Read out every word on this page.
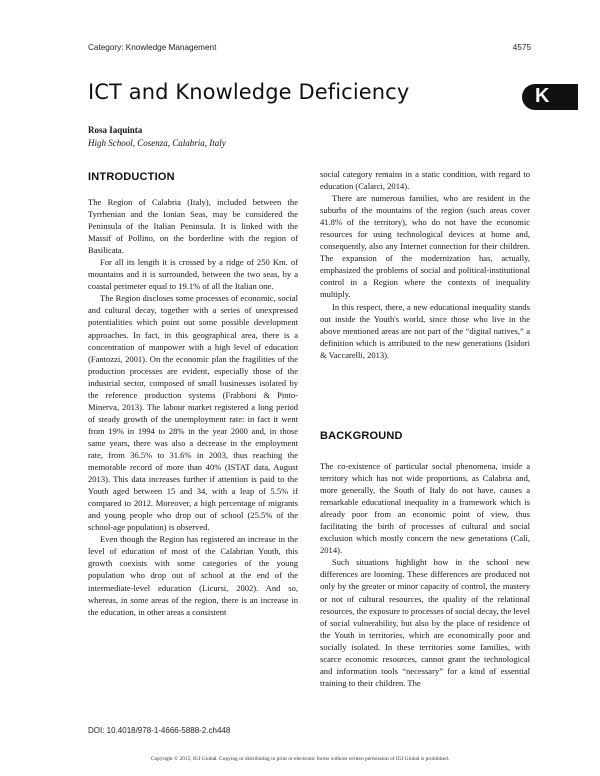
Category: Knowledge Management	4575
ICT and Knowledge Deficiency	K
Rosa Iaquinta
High School, Cosenza, Calabria, Italy
INTRODUCTION

The Region of Calabria (Italy), included between the Tyrrhenian and the Ionian Seas, may be considered the Peninsula of the Italian Peninsula. It is linked with the Massif of Pollino, on the borderline with the region of Basilicata.

For all its length it is crossed by a ridge of 250 Km. of mountains and it is surrounded, between the two seas, by a coastal perimeter equal to 19.1% of all the Italian one.

The Region discloses some processes of economic, social and cultural decay, together with a series of unexpressed potentialities which point out some possible development approaches. In fact, in this geographical area, there is a concentration of manpower with a high level of education (Fantozzi, 2001). On the economic plan the fragilities of the production processes are evident, especially those of the industrial sector, composed of small businesses isolated by the reference production systems (Frabboni & Pinto-Minerva, 2013). The labour market registered a long period of steady growth of the unemployment rate: in fact it went from 19% in 1994 to 28% in the year 2000 and, in those same years, there was also a decrease in the employment rate, from 36.5% to 31.6% in 2003, thus reaching the memorable record of more than 40% (ISTAT data, August 2013). This data increases further if attention is paid to the Youth aged between 15 and 34, with a leap of 5.5% if compared to 2012. Moreover, a high percentage of migrants and young people who drop out of school (25.5% of the school-age population) is observed.

Even though the Region has registered an increase in the level of education of most of the Calabrian Youth, this growth coexists with some categories of the young population who drop out of school at the end of the intermediate-level education (Licursi, 2002). And so, whereas, in some areas of the region, there is an increase in the education, in other areas a consistent

social category remains in a static condition, with regard to education (Calarci, 2014).

There are numerous families, who are resident in the suburbs of the mountains of the region (such areas cover 41.8% of the territory), who do not have the economic resources for using technological devices at home and, consequently, also any Internet connection for their children. The expansion of the modernization has, actually, emphasized the problems of social and political-institutional control in a Region where the contexts of inequality multiply.

In this respect, there, a new educational inequality stands out inside the Youth's world, since those who live in the above mentioned areas are not part of the “digital natives,” a definition which is attributed to the new generations (Isidori & Vaccarelli, 2013).

BACKGROUND

The co-existence of particular social phenomena, inside a territory which has not wide proportions, as Calabria and, more generally, the South of Italy do not have, causes a remarkable educational inequality in a framework which is already poor from an economic point of view, thus facilitating the birth of processes of cultural and social exclusion which mostly concern the new generations (Calì, 2014).

Such situations highlight how in the school new differences are looming. These differences are produced not only by the greater or minor capacity of control, the mastery or not of cultural resources, the quality of the relational resources, the exposure to processes of social decay, the level of social vulnerability, but also by the place of residence of the Youth in territories, which are economically poor and socially isolated. In these territories some families, with scarce economic resources, cannot grant the technological and information tools “necessary” for a kind of essential training to their children. The

DOI: 10.4018/978-1-4666-5888-2.ch448
Copyright © 2015, IGI Global. Copying or distributing in print or electronic forms without written permission of IGI Global is prohibited.
